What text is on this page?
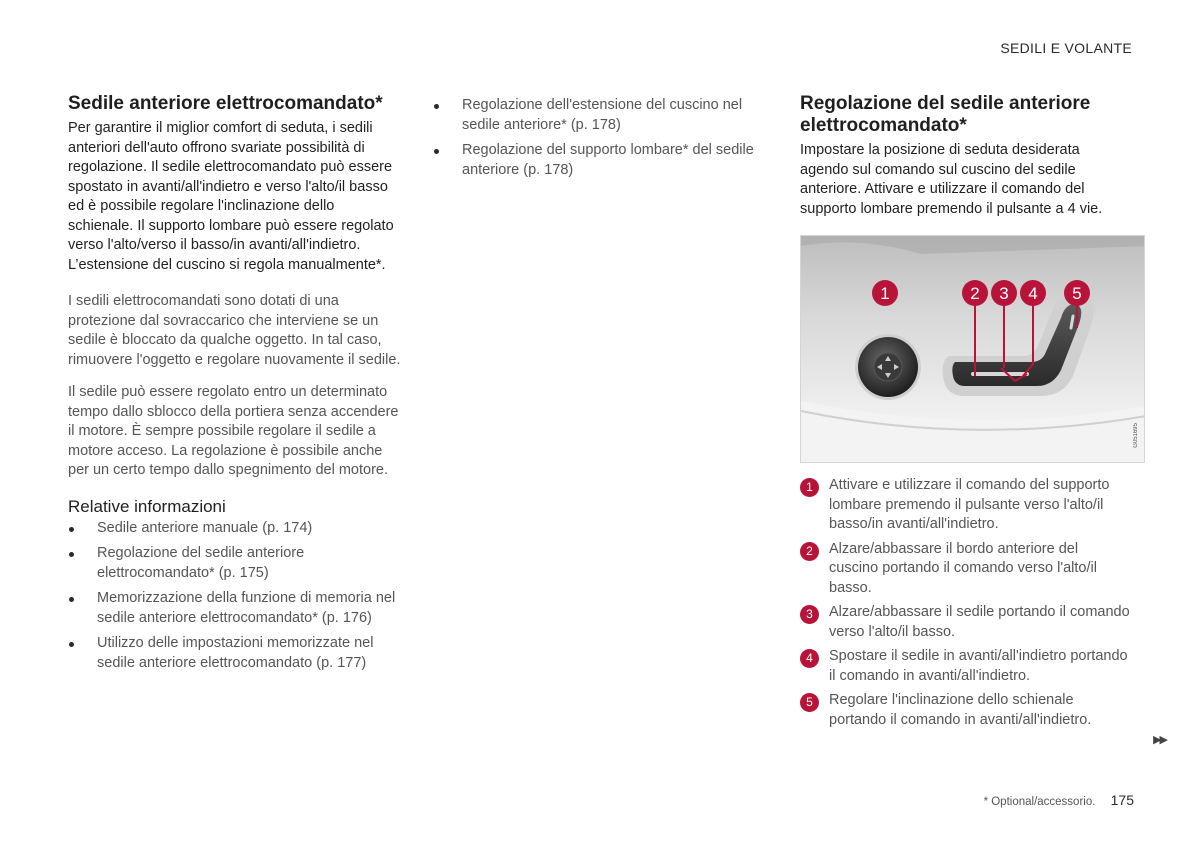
SEDILI E VOLANTE
Sedile anteriore elettrocomandato*

Per garantire il miglior comfort di seduta, i sedili anteriori dell'auto offrono svariate possibilità di regolazione. Il sedile elettrocomandato può essere spostato in avanti/all'indietro e verso l'alto/il basso ed è possibile regolare l'inclinazione dello schienale. Il supporto lombare può essere regolato verso l'alto/verso il basso/in avanti/all'indietro. L’estensione del cuscino si regola manualmente*.

I sedili elettrocomandati sono dotati di una protezione dal sovraccarico che interviene se un sedile è bloccato da qualche oggetto. In tal caso, rimuovere l'oggetto e regolare nuovamente il sedile.

Il sedile può essere regolato entro un determinato tempo dallo sblocco della portiera senza accendere il motore. È sempre possibile regolare il sedile a motore acceso. La regolazione è possibile anche per un certo tempo dallo spegnimento del motore.

Relative informazioni
Sedile anteriore manuale (p. 174)
Regolazione del sedile anteriore elettrocomandato* (p. 175)
Memorizzazione della funzione di memoria nel sedile anteriore elettrocomandato* (p. 176)
Utilizzo delle impostazioni memorizzate nel sedile anteriore elettrocomandato (p. 177)
Regolazione dell'estensione del cuscino nel sedile anteriore* (p. 178)
Regolazione del supporto lombare* del sedile anteriore (p. 178)
Regolazione del sedile anteriore elettrocomandato*

Impostare la posizione di seduta desiderata agendo sul comando sul cuscino del sedile anteriore. Attivare e utilizzare il comando del supporto lombare premendo il pulsante a 4 vie.

1	2 3 4 5
G051695
1	Attivare e utilizzare il comando del supporto lombare premendo il pulsante verso l'alto/il basso/in avanti/all'indietro.
2	Alzare/abbassare il bordo anteriore del cuscino portando il comando verso l'alto/il basso.
3	Alzare/abbassare il sedile portando il comando verso l'alto/il basso.
4	Spostare il sedile in avanti/all'indietro portando il comando in avanti/all'indietro.
5	Regolare l'inclinazione dello schienale portando il comando in avanti/all'indietro.
▶▶
* Optional/accessorio. 175
